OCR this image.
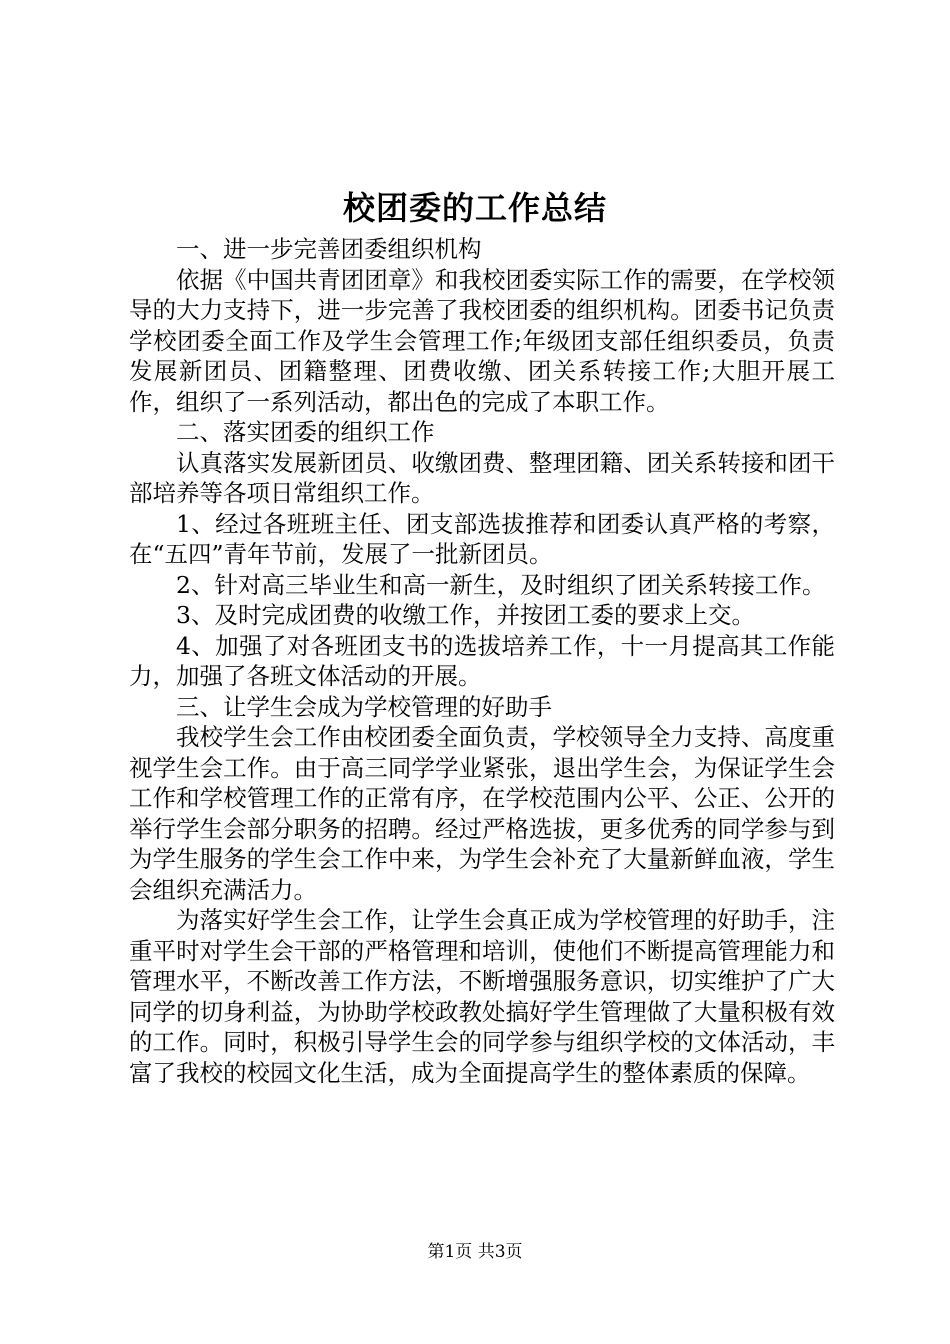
校团委的工作总结

一、进一步完善团委组织机构

依据《中国共青团团章》和我校团委实际工作的需要，在学校领导的大力支持下，进一步完善了我校团委的组织机构。团委书记负责学校团委全面工作及学生会管理工作;年级团支部任组织委员，负责发展新团员、团籍整理、团费收缴、团关系转接工作;大胆开展工作，组织了一系列活动，都出色的完成了本职工作。

二、落实团委的组织工作

认真落实发展新团员、收缴团费、整理团籍、团关系转接和团干部培养等各项日常组织工作。

1、经过各班班主任、团支部选拔推荐和团委认真严格的考察，在“五四”青年节前，发展了一批新团员。

2、针对高三毕业生和高一新生，及时组织了团关系转接工作。

3、及时完成团费的收缴工作，并按团工委的要求上交。

4、加强了对各班团支书的选拔培养工作，十一月提高其工作能力，加强了各班文体活动的开展。

三、让学生会成为学校管理的好助手

我校学生会工作由校团委全面负责，学校领导全力支持、高度重视学生会工作。由于高三同学学业紧张，退出学生会，为保证学生会工作和学校管理工作的正常有序，在学校范围内公平、公正、公开的举行学生会部分职务的招聘。经过严格选拔，更多优秀的同学参与到为学生服务的学生会工作中来，为学生会补充了大量新鲜血液，学生会组织充满活力。

为落实好学生会工作，让学生会真正成为学校管理的好助手，注重平时对学生会干部的严格管理和培训，使他们不断提高管理能力和管理水平，不断改善工作方法，不断增强服务意识，切实维护了广大同学的切身利益，为协助学校政教处搞好学生管理做了大量积极有效的工作。同时，积极引导学生会的同学参与组织学校的文体活动，丰富了我校的校园文化生活，成为全面提高学生的整体素质的保障。

第1页 共3页
